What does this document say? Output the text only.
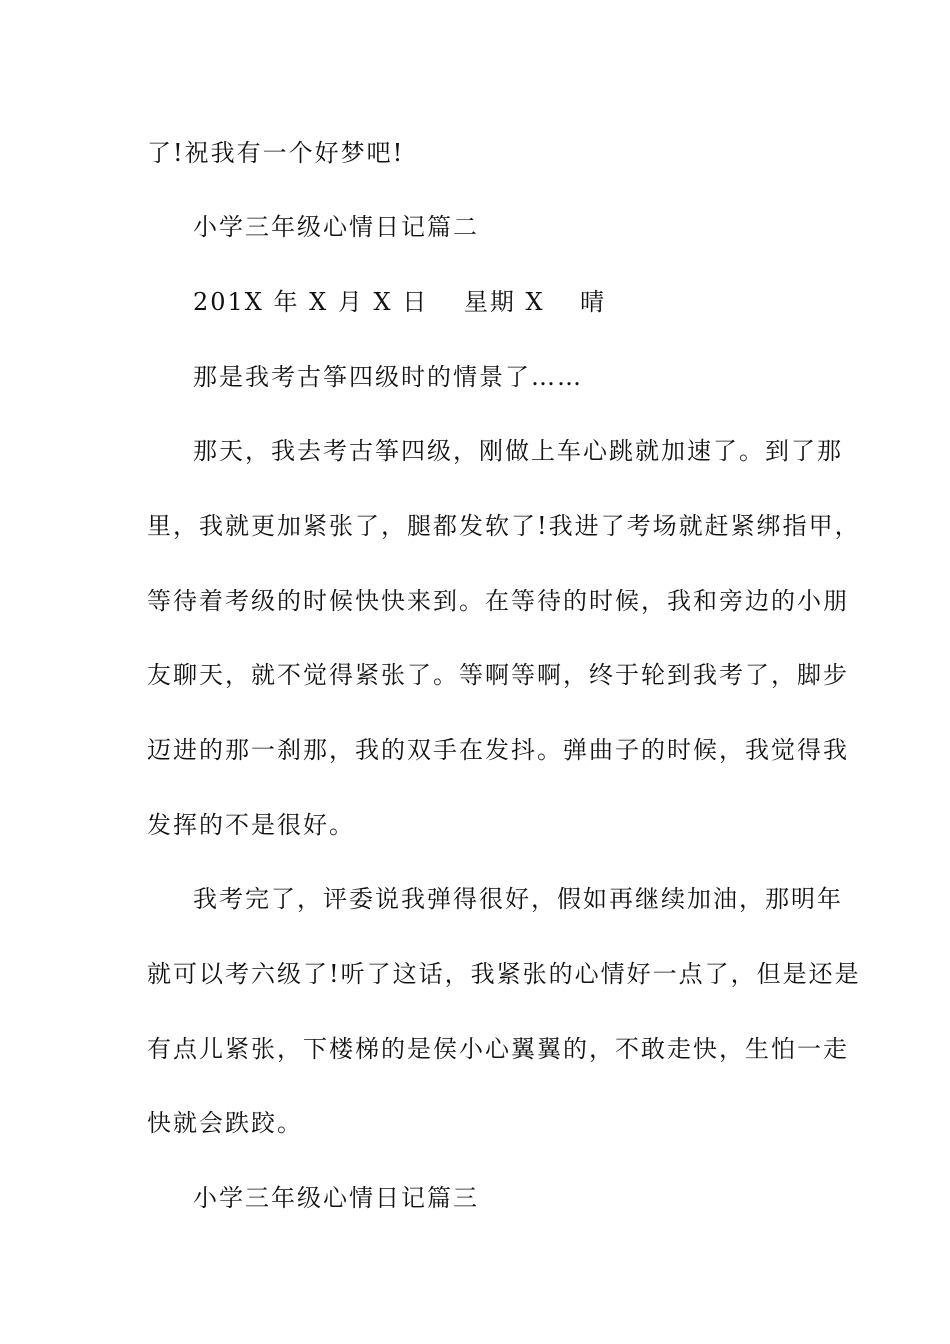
了!祝我有一个好梦吧!
小学三年级心情日记篇二
201X 年 X 月 X 日　 星期 X　 晴
那是我考古筝四级时的情景了……
那天，我去考古筝四级，刚做上车心跳就加速了。到了那
里，我就更加紧张了，腿都发软了!我进了考场就赶紧绑指甲，
等待着考级的时候快快来到。在等待的时候，我和旁边的小朋
友聊天，就不觉得紧张了。等啊等啊，终于轮到我考了，脚步
迈进的那一刹那，我的双手在发抖。弹曲子的时候，我觉得我
发挥的不是很好。
我考完了，评委说我弹得很好，假如再继续加油，那明年
就可以考六级了!听了这话，我紧张的心情好一点了，但是还是
有点儿紧张，下楼梯的是侯小心翼翼的，不敢走快，生怕一走
快就会跌跤。
小学三年级心情日记篇三
